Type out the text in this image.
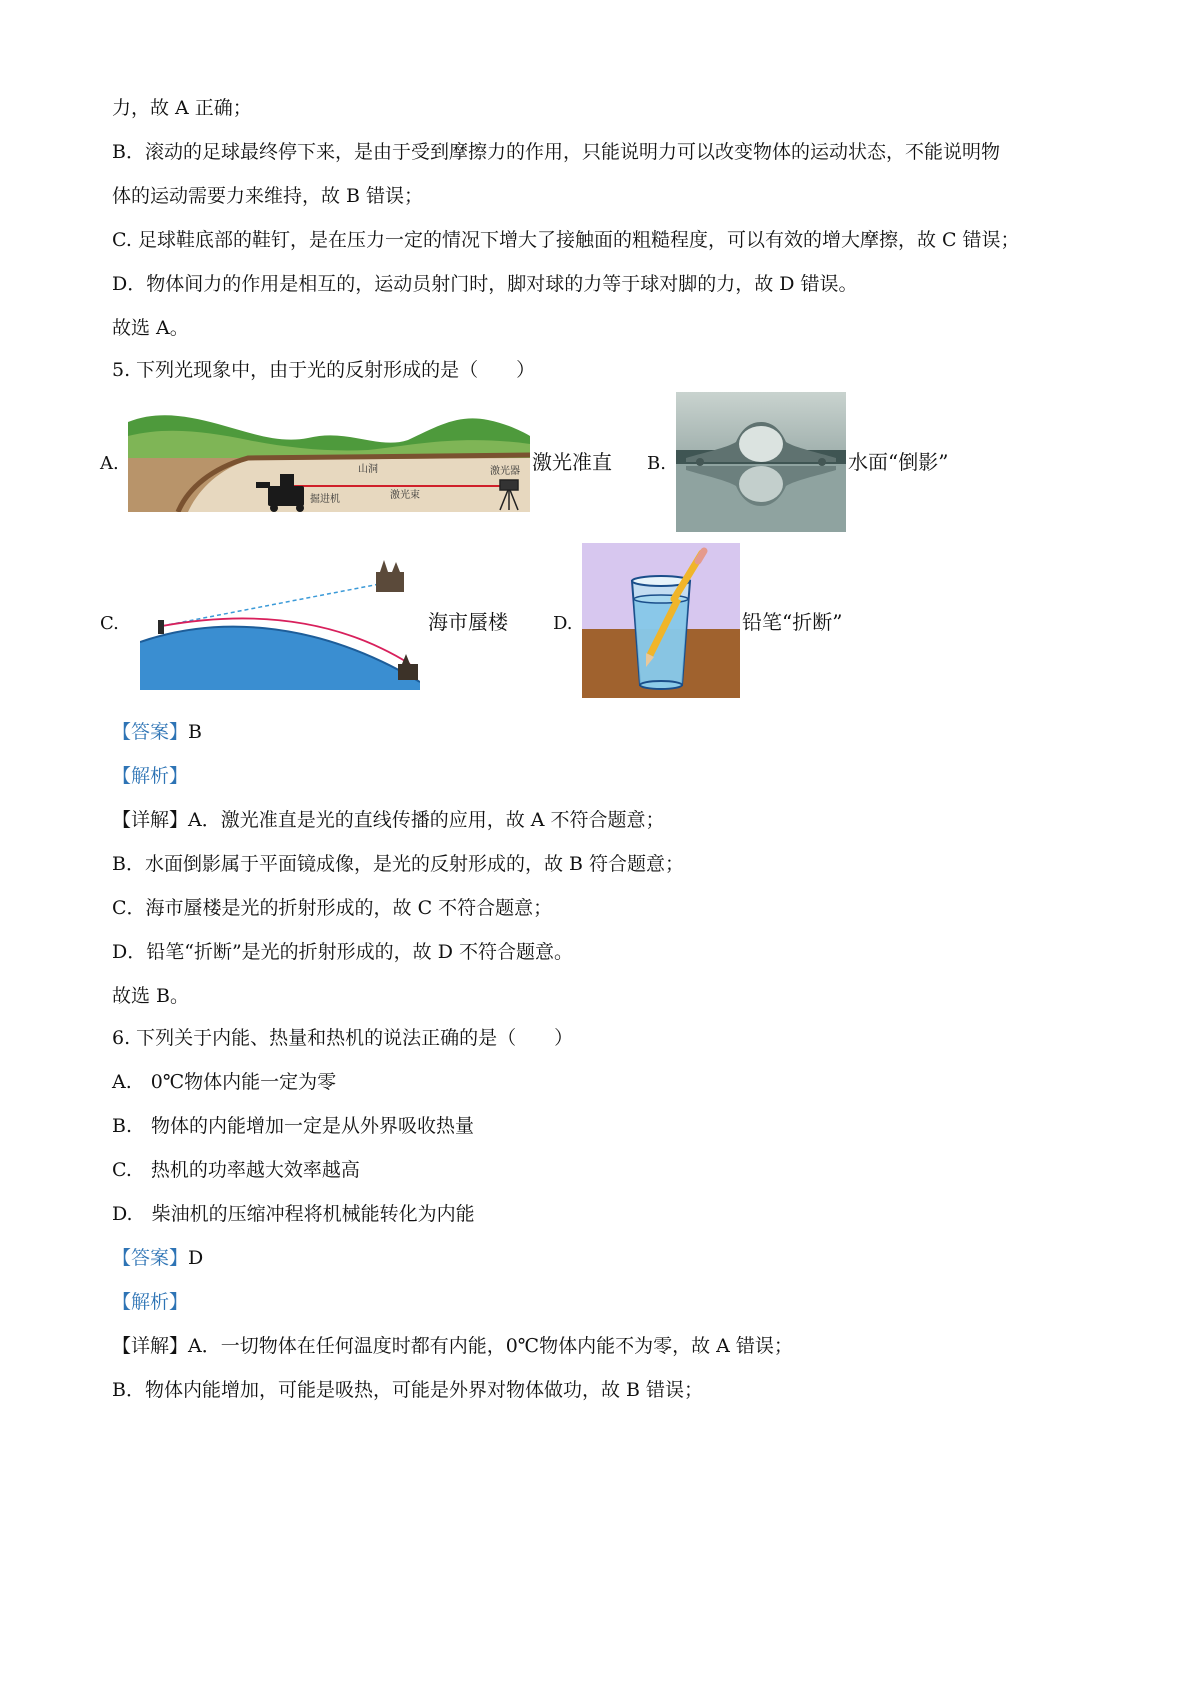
力，故 A 正确；
B．滚动的足球最终停下来，是由于受到摩擦力的作用，只能说明力可以改变物体的运动状态，不能说明物
体的运动需要力来维持，故 B 错误；
C. 足球鞋底部的鞋钉，是在压力一定的情况下增大了接触面的粗糙程度，可以有效的增大摩擦，故 C 错误；
D．物体间力的作用是相互的，运动员射门时，脚对球的力等于球对脚的力，故 D 错误。
故选 A。
5. 下列光现象中，由于光的反射形成的是（　　）
A.	山洞	激光器
激光束
掘进机
激光准直 B.	水面“倒影”
C.	海市蜃楼	D.	铅笔“折断”
【答案】B
【解析】
【详解】A．激光准直是光的直线传播的应用，故 A 不符合题意；
B．水面倒影属于平面镜成像，是光的反射形成的，故 B 符合题意；
C．海市蜃楼是光的折射形成的，故 C 不符合题意；
D．铅笔“折断”是光的折射形成的，故 D 不符合题意。
故选 B。
6. 下列关于内能、热量和热机的说法正确的是（　　）
A.　0℃物体内能一定为零
B.　物体的内能增加一定是从外界吸收热量
C.　热机的功率越大效率越高
D.　柴油机的压缩冲程将机械能转化为内能
【答案】D
【解析】
【详解】A．一切物体在任何温度时都有内能，0℃物体内能不为零，故 A 错误；
B．物体内能增加，可能是吸热，可能是外界对物体做功，故 B 错误；
